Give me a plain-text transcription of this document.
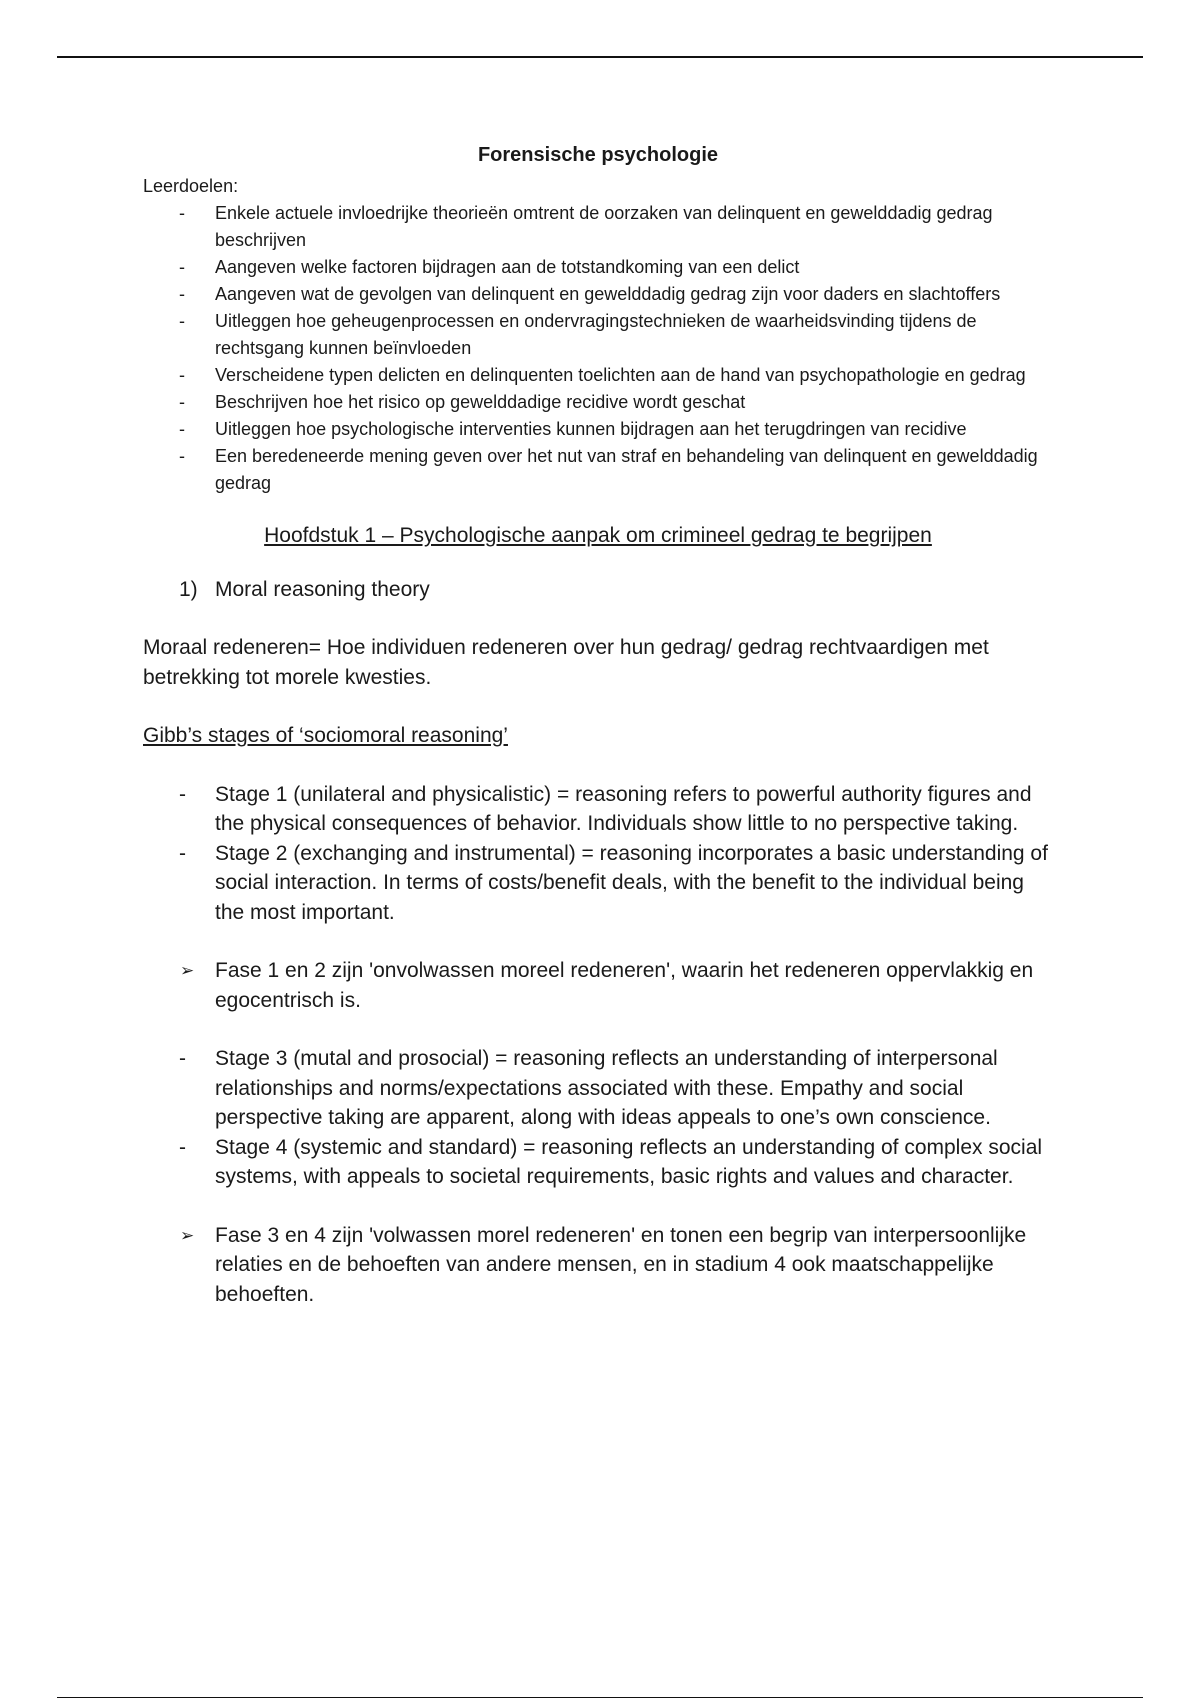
Forensische psychologie

Leerdoelen:

- Enkele actuele invloedrijke theorieën omtrent de oorzaken van delinquent en gewelddadig gedrag beschrijven
- Aangeven welke factoren bijdragen aan de totstandkoming van een delict
- Aangeven wat de gevolgen van delinquent en gewelddadig gedrag zijn voor daders en slachtoffers
- Uitleggen hoe geheugenprocessen en ondervragingstechnieken de waarheidsvinding tijdens de rechtsgang kunnen beïnvloeden
- Verscheidene typen delicten en delinquenten toelichten aan de hand van psychopathologie en gedrag
- Beschrijven hoe het risico op gewelddadige recidive wordt geschat
- Uitleggen hoe psychologische interventies kunnen bijdragen aan het terugdringen van recidive
- Een beredeneerde mening geven over het nut van straf en behandeling van delinquent en gewelddadig gedrag

Hoofdstuk 1 – Psychologische aanpak om crimineel gedrag te begrijpen

1) Moral reasoning theory

Moraal redeneren= Hoe individuen redeneren over hun gedrag/ gedrag rechtvaardigen met betrekking tot morele kwesties.

Gibb’s stages of ‘sociomoral reasoning’

- Stage 1 (unilateral and physicalistic) = reasoning refers to powerful authority figures and the physical consequences of behavior. Individuals show little to no perspective taking.
- Stage 2 (exchanging and instrumental) = reasoning incorporates a basic understanding of social interaction. In terms of costs/benefit deals, with the benefit to the individual being the most important.
➢ Fase 1 en 2 zijn 'onvolwassen moreel redeneren', waarin het redeneren oppervlakkig en egocentrisch is.
- Stage 3 (mutal and prosocial) = reasoning reflects an understanding of interpersonal relationships and norms/expectations associated with these. Empathy and social perspective taking are apparent, along with ideas appeals to one’s own conscience.
- Stage 4 (systemic and standard) = reasoning reflects an understanding of complex social systems, with appeals to societal requirements, basic rights and values and character.
➢ Fase 3 en 4 zijn 'volwassen morel redeneren' en tonen een begrip van interpersoonlijke relaties en de behoeften van andere mensen, en in stadium 4 ook maatschappelijke behoeften.
